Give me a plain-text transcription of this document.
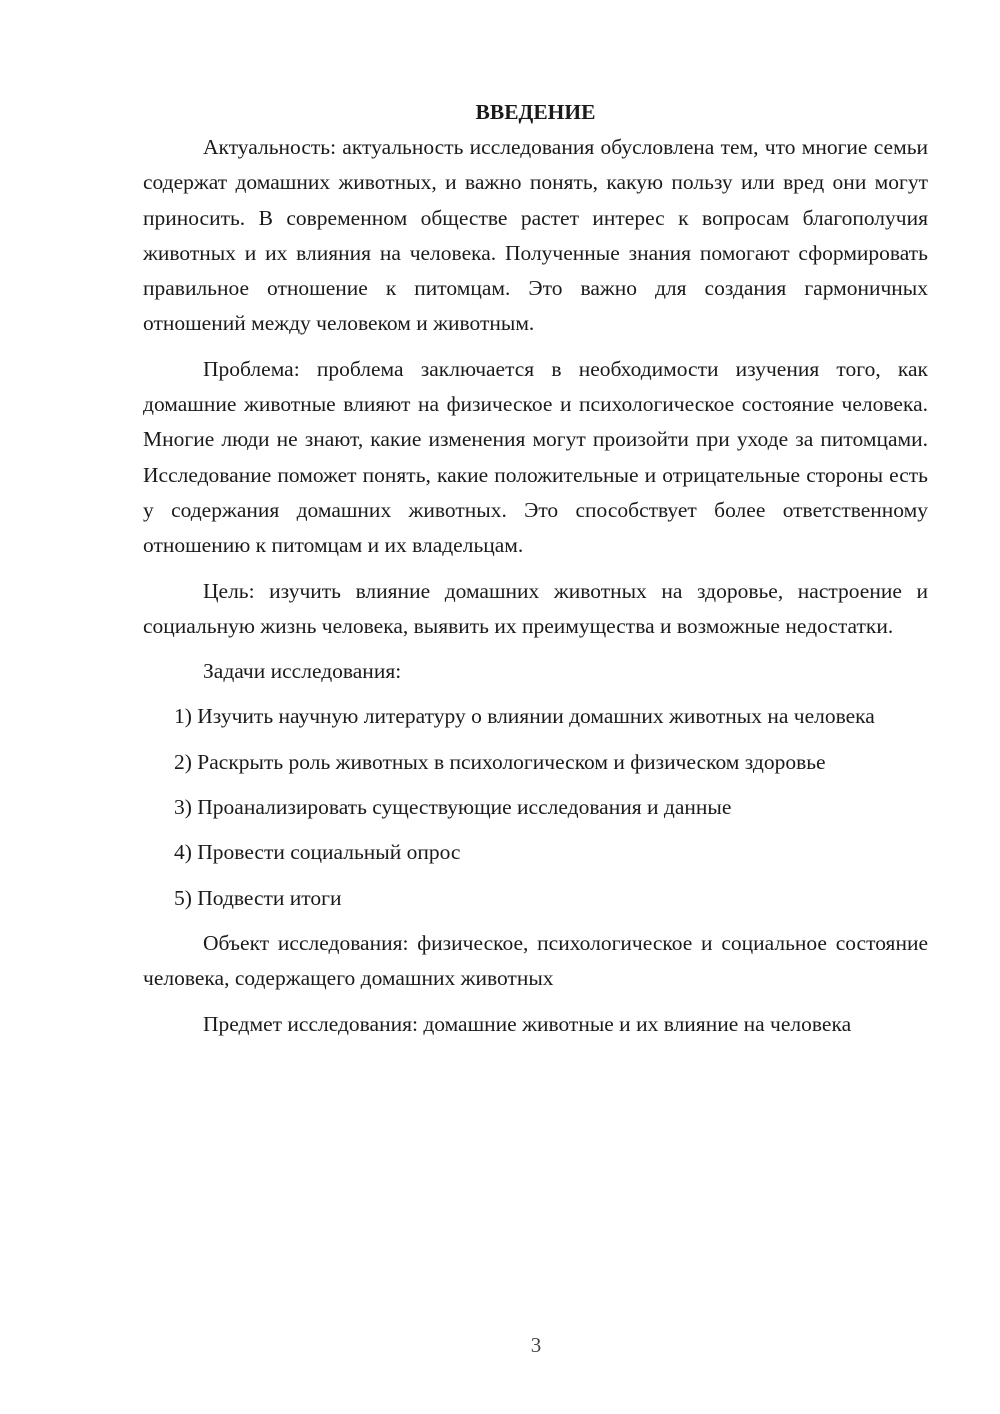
ВВЕДЕНИЕ

Актуальность: актуальность исследования обусловлена тем, что многие семьи содержат домашних животных, и важно понять, какую пользу или вред они могут приносить. В современном обществе растет интерес к вопросам благополучия животных и их влияния на человека. Полученные знания помогают сформировать правильное отношение к питомцам. Это важно для создания гармоничных отношений между человеком и животным.

Проблема: проблема заключается в необходимости изучения того, как домашние животные влияют на физическое и психологическое состояние человека. Многие люди не знают, какие изменения могут произойти при уходе за питомцами. Исследование поможет понять, какие положительные и отрицательные стороны есть у содержания домашних животных. Это способствует более ответственному отношению к питомцам и их владельцам.

Цель: изучить влияние домашних животных на здоровье, настроение и социальную жизнь человека, выявить их преимущества и возможные недостатки.

Задачи исследования:

1) Изучить научную литературу о влиянии домашних животных на человека

2) Раскрыть роль животных в психологическом и физическом здоровье

3) Проанализировать существующие исследования и данные

4) Провести социальный опрос

5) Подвести итоги

Объект исследования: физическое, психологическое и социальное состояние человека, содержащего домашних животных

Предмет исследования: домашние животные и их влияние на человека

3
